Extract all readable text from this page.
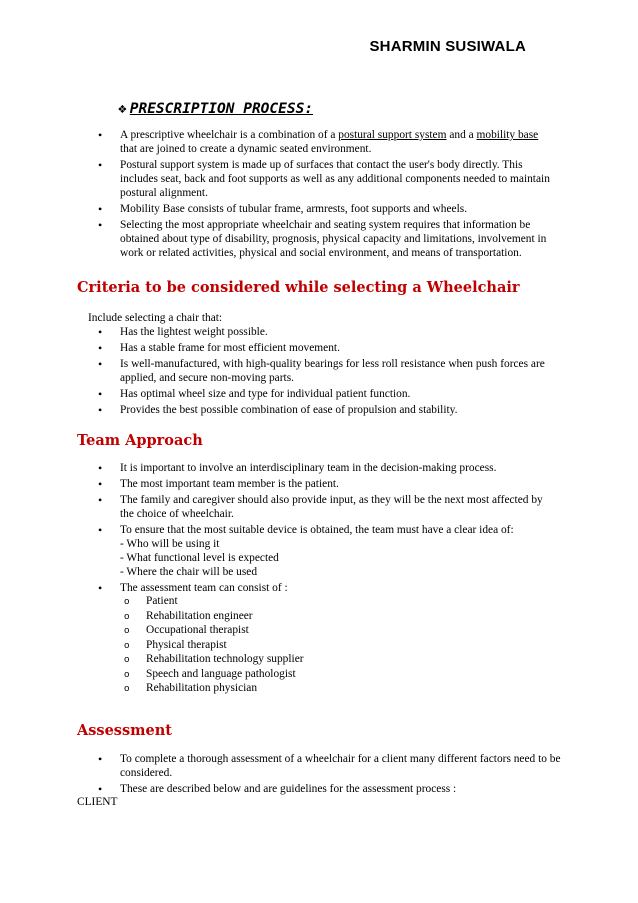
SHARMIN SUSIWALA
❖ PRESCRIPTION PROCESS:
• A prescriptive wheelchair is a combination of a postural support system and a mobility base that are joined to create a dynamic seated environment.
• Postural support system is made up of surfaces that contact the user's body directly. This includes seat, back and foot supports as well as any additional components needed to maintain postural alignment.
• Mobility Base consists of tubular frame, armrests, foot supports and wheels.
• Selecting the most appropriate wheelchair and seating system requires that information be obtained about type of disability, prognosis, physical capacity and limitations, involvement in work or related activities, physical and social environment, and means of transportation.
Criteria to be considered while selecting a Wheelchair
Include selecting a chair that:
• Has the lightest weight possible.
• Has a stable frame for most efficient movement.
• Is well-manufactured, with high-quality bearings for less roll resistance when push forces are applied, and secure non-moving parts.
• Has optimal wheel size and type for individual patient function.
• Provides the best possible combination of ease of propulsion and stability.
Team Approach
• It is important to involve an interdisciplinary team in the decision-making process.
• The most important team member is the patient.
• The family and caregiver should also provide input, as they will be the next most affected by the choice of wheelchair.
• To ensure that the most suitable device is obtained, the team must have a clear idea of:
- Who will be using it
- What functional level is expected
- Where the chair will be used
• The assessment team can consist of :
o Patient
o Rehabilitation engineer
o Occupational therapist
o Physical therapist
o Rehabilitation technology supplier
o Speech and language pathologist
o Rehabilitation physician
Assessment
• To complete a thorough assessment of a wheelchair for a client many different factors need to be considered.
• These are described below and are guidelines for the assessment process :
CLIENT
